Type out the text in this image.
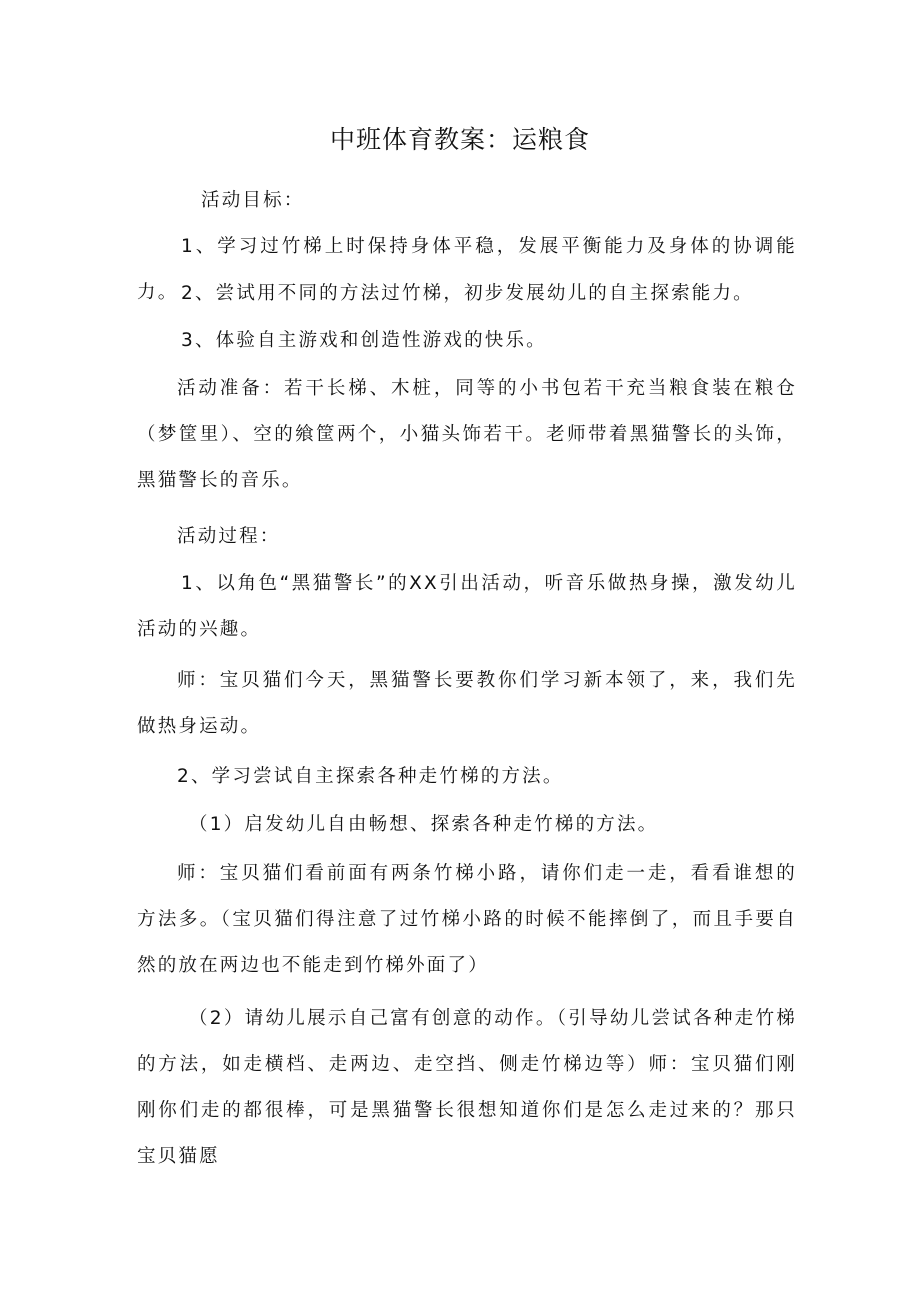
中班体育教案：运粮食

活动目标：

1、学习过竹梯上时保持身体平稳，发展平衡能力及身体的协调能力。 2、尝试用不同的方法过竹梯，初步发展幼儿的自主探索能力。

3、体验自主游戏和创造性游戏的快乐。

活动准备：若干长梯、木桩，同等的小书包若干充当粮食装在粮仓（梦筐里）、空的飨筐两个，小猫头饰若干。老师带着黑猫警长的头饰，黑猫警长的音乐。

活动过程：

1、以角色“黑猫警长”的XX引出活动，听音乐做热身操，激发幼儿活动的兴趣。

师：宝贝猫们今天，黑猫警长要教你们学习新本领了，来，我们先做热身运动。

2、学习尝试自主探索各种走竹梯的方法。

（1）启发幼儿自由畅想、探索各种走竹梯的方法。

师：宝贝猫们看前面有两条竹梯小路，请你们走一走，看看谁想的方法多。（宝贝猫们得注意了过竹梯小路的时候不能摔倒了，而且手要自然的放在两边也不能走到竹梯外面了）

（2）请幼儿展示自己富有创意的动作。（引导幼儿尝试各种走竹梯的方法，如走横档、走两边、走空挡、侧走竹梯边等）师：宝贝猫们刚刚你们走的都很棒，可是黑猫警长很想知道你们是怎么走过来的？那只宝贝猫愿
